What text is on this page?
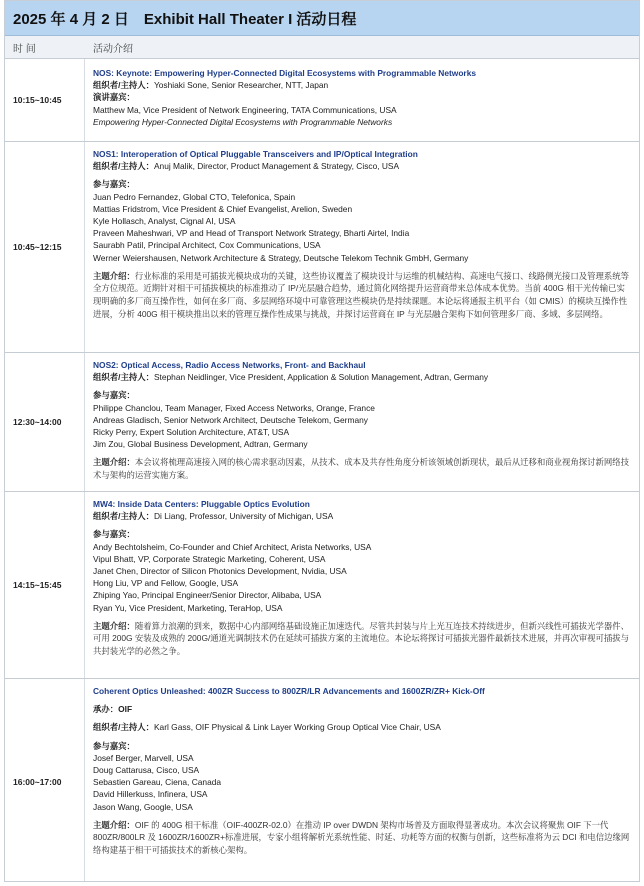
2025 年 4 月 2 日　Exhibit Hall Theater I 活动日程
时 间	活动介绍
10:15~10:45
NOS: Keynote: Empowering Hyper-Connected Digital Ecosystems with Programmable Networks
组织者/主持人：Yoshiaki Sone, Senior Researcher, NTT, Japan
演讲嘉宾：
Matthew Ma, Vice President of Network Engineering, TATA Communications, USA
Empowering Hyper-Connected Digital Ecosystems with Programmable Networks
10:45~12:15
NOS1: Interoperation of Optical Pluggable Transceivers and IP/Optical Integration
组织者/主持人：Anuj Malik, Director, Product Management & Strategy, Cisco, USA
参与嘉宾：
Juan Pedro Fernandez, Global CTO, Telefonica, Spain
Mattias Fridstrom, Vice President & Chief Evangelist, Arelion, Sweden
Kyle Hollasch, Analyst, Cignal AI, USA
Praveen Maheshwari, VP and Head of Transport Network Strategy, Bharti Airtel, India
Saurabh Patil, Principal Architect, Cox Communications, USA
Werner Weiershausen, Network Architecture & Strategy, Deutsche Telekom Technik GmbH, Germany
主题介绍：行业标准的采用是可插拔光模块成功的关键，这些协议覆盖了模块设计与运维的机械结构、高速电气接口、线路侧光接口及管理系统等全方位规范。近期针对相干可插拔模块的标准推动了 IP/光层融合趋势，通过简化网络提升运营商带来总体成本优势。当前 400G 相干光传输已实现明确的多厂商互操作性，如何在多厂商、多层网络环境中可靠管理这些模块仍是持续课题。本论坛将通报主机平台（如 CMIS）的模块互操作性进展，分析 400G 相干模块推出以来的管理互操作性成果与挑战，并探讨运营商在 IP 与光层融合架构下如何管理多厂商、多域、多层网络。
12:30~14:00
NOS2: Optical Access, Radio Access Networks, Front- and Backhaul
组织者/主持人：Stephan Neidlinger, Vice President, Application & Solution Management, Adtran, Germany
参与嘉宾：
Philippe Chanclou, Team Manager, Fixed Access Networks, Orange, France
Andreas Gladisch, Senior Network Architect, Deutsche Telekom, Germany
Ricky Perry, Expert Solution Architecture, AT&T, USA
Jim Zou, Global Business Development, Adtran, Germany
主题介绍：本会议将梳理高速接入网的核心需求驱动因素，从技术、成本及共存性角度分析该领域创新现状，最后从迁移和商业视角探讨新网络技术与架构的运营实施方案。
14:15~15:45
MW4: Inside Data Centers: Pluggable Optics Evolution
组织者/主持人：Di Liang, Professor, University of Michigan, USA
参与嘉宾：
Andy Bechtolsheim, Co-Founder and Chief Architect, Arista Networks, USA
Vipul Bhatt, VP, Corporate Strategic Marketing, Coherent, USA
Janet Chen, Director of Silicon Photonics Development, Nvidia, USA
Hong Liu, VP and Fellow, Google, USA
Zhiping Yao, Principal Engineer/Senior Director, Alibaba, USA
Ryan Yu, Vice President, Marketing, TeraHop, USA
主题介绍：随着算力浪潮的到来，数据中心内部网络基础设施正加速迭代。尽管共封装与片上光互连技术持续进步，但新兴线性可插拔光学器件、可用 200G 安装及成熟的 200G/通道光调制技术仍在延续可插拔方案的主流地位。本论坛将探讨可插拔光器件最新技术进展，并再次审视可插拔与共封装光学的必然之争。
16:00~17:00
Coherent Optics Unleashed: 400ZR Success to 800ZR/LR Advancements and 1600ZR/ZR+ Kick-Off
承办：OIF
组织者/主持人：Karl Gass, OIF Physical & Link Layer Working Group Optical Vice Chair, USA
参与嘉宾：
Josef Berger, Marvell, USA
Doug Cattarusa, Cisco, USA
Sebastien Gareau, Ciena, Canada
David Hillerkuss, Infinera, USA
Jason Wang, Google, USA
主题介绍：OIF 的 400G 相干标准（OIF-400ZR-02.0）在推动 IP over DWDN 架构市场普及方面取得显著成功。本次会议将聚焦 OIF 下一代 800ZR/800LR 及 1600ZR/1600ZR+标准进展，专家小组将解析光系统性能、时延、功耗等方面的权衡与创新，这些标准将为云 DCI 和电信边缘网络构建基于相干可插拔技术的新核心架构。
